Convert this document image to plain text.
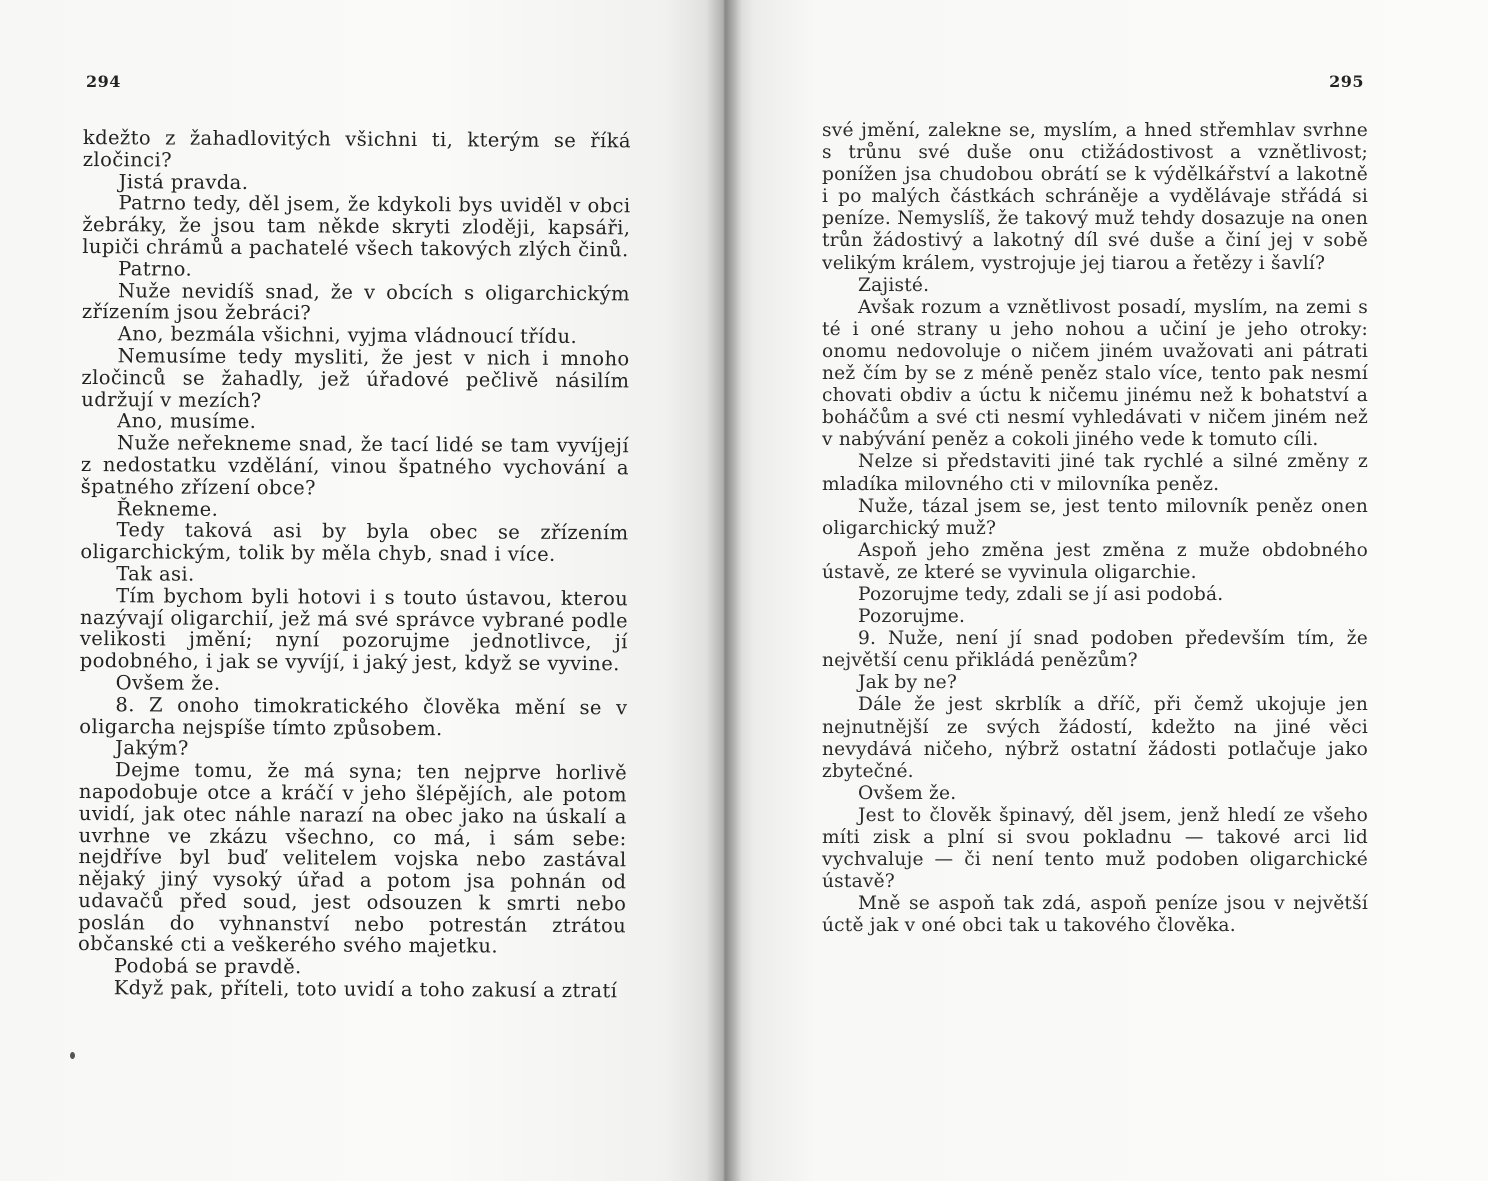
294

kdežto z žahadlovitých všichni ti, kterým se říká zločinci?

Jistá pravda.

Patrno tedy, děl jsem, že kdykoli bys uviděl v obci žebráky, že jsou tam někde skryti zloději, kapsáři, lupiči chrámů a pachatelé všech takových zlých činů.

Patrno.

Nuže nevidíš snad, že v obcích s oligarchickým zřízením jsou žebráci?

Ano, bezmála všichni, vyjma vládnoucí třídu.

Nemusíme tedy mysliti, že jest v nich i mnoho zločinců se žahadly, jež úřadové pečlivě násilím udržují v mezích?

Ano, musíme.

Nuže neřekneme snad, že tací lidé se tam vyvíjejí z nedostatku vzdělání, vinou špatného vychování a špatného zřízení obce?

Řekneme.

Tedy taková asi by byla obec se zřízením oligarchickým, tolik by měla chyb, snad i více.

Tak asi.

Tím bychom byli hotovi i s touto ústavou, kterou nazývají oligarchií, jež má své správce vybrané podle velikosti jmění; nyní pozorujme jednotlivce, jí podobného, i jak se vyvíjí, i jaký jest, když se vyvine.

Ovšem že.

8. Z onoho timokratického člověka mění se v oligarcha nejspíše tímto způsobem.

Jakým?

Dejme tomu, že má syna; ten nejprve horlivě napodobuje otce a kráčí v jeho šlépějích, ale potom uvidí, jak otec náhle narazí na obec jako na úskalí a uvrhne ve zkázu všechno, co má, i sám sebe: nejdříve byl buď velitelem vojska nebo zastával nějaký jiný vysoký úřad a potom jsa pohnán od udavačů před soud, jest odsouzen k smrti nebo poslán do vyhnanství nebo potrestán ztrátou občanské cti a veškerého svého majetku.

Podobá se pravdě.

Když pak, příteli, toto uvidí a toho zakusí a ztratí

295

své jmění, zalekne se, myslím, a hned střemhlav svrhne s trůnu své duše onu ctižádostivost a vznětlivost; ponížen jsa chudobou obrátí se k výdělkářství a lakotně i po malých částkách schráněje a vydělávaje střádá si peníze. Nemyslíš, že takový muž tehdy dosazuje na onen trůn žádostivý a lakotný díl své duše a činí jej v sobě velikým králem, vystrojuje jej tiarou a řetězy i šavlí?

Zajisté.

Avšak rozum a vznětlivost posadí, myslím, na zemi s té i oné strany u jeho nohou a učiní je jeho otroky: onomu nedovoluje o ničem jiném uvažovati ani pátrati než čím by se z méně peněz stalo více, tento pak nesmí chovati obdiv a úctu k ničemu jinému než k bohatství a boháčům a své cti nesmí vyhledávati v ničem jiném než v nabývání peněz a cokoli jiného vede k tomuto cíli.

Nelze si představiti jiné tak rychlé a silné změny z mladíka milovného cti v milovníka peněz.

Nuže, tázal jsem se, jest tento milovník peněz onen oligarchický muž?

Aspoň jeho změna jest změna z muže obdobného ústavě, ze které se vyvinula oligarchie.

Pozorujme tedy, zdali se jí asi podobá.

Pozorujme.

9. Nuže, není jí snad podoben především tím, že největší cenu přikládá penězům?

Jak by ne?

Dále že jest skrblík a dříč, při čemž ukojuje jen nejnutnější ze svých žádostí, kdežto na jiné věci nevydává ničeho, nýbrž ostatní žádosti potlačuje jako zbytečné.

Ovšem že.

Jest to člověk špinavý, děl jsem, jenž hledí ze všeho míti zisk a plní si svou pokladnu — takové arci lid vychvaluje — či není tento muž podoben oligarchické ústavě?

Mně se aspoň tak zdá, aspoň peníze jsou v největší úctě jak v oné obci tak u takového člověka.
